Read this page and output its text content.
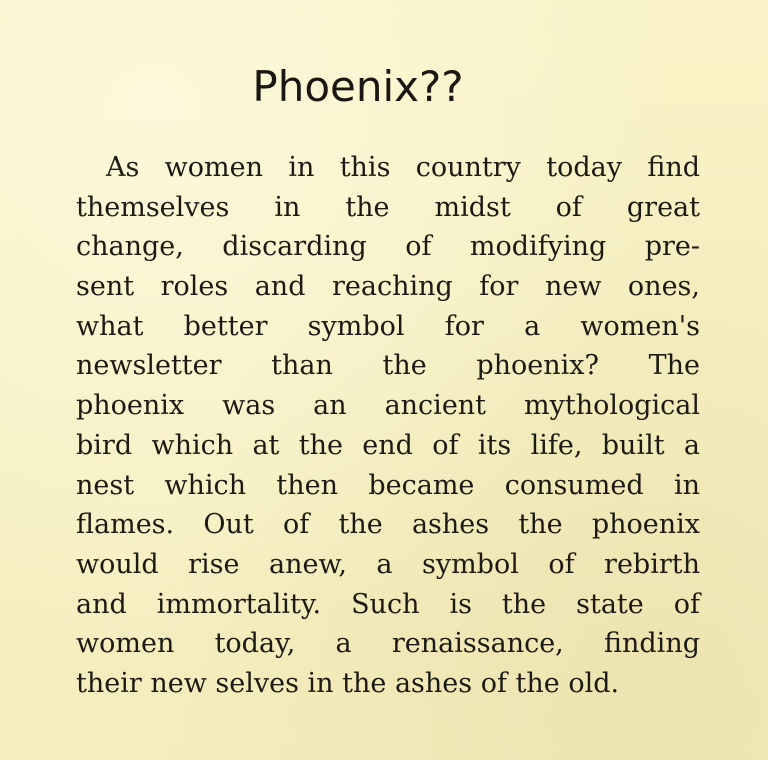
Phoenix??
As women in this country today find
themselves in the midst of great
change, discarding of modifying pre-
sent roles and reaching for new ones,
what better symbol for a women's
newsletter than the phoenix? The
phoenix was an ancient mythological
bird which at the end of its life, built a
nest which then became consumed in
flames. Out of the ashes the phoenix
would rise anew, a symbol of rebirth
and immortality. Such is the state of
women today, a renaissance, finding
their new selves in the ashes of the old.
